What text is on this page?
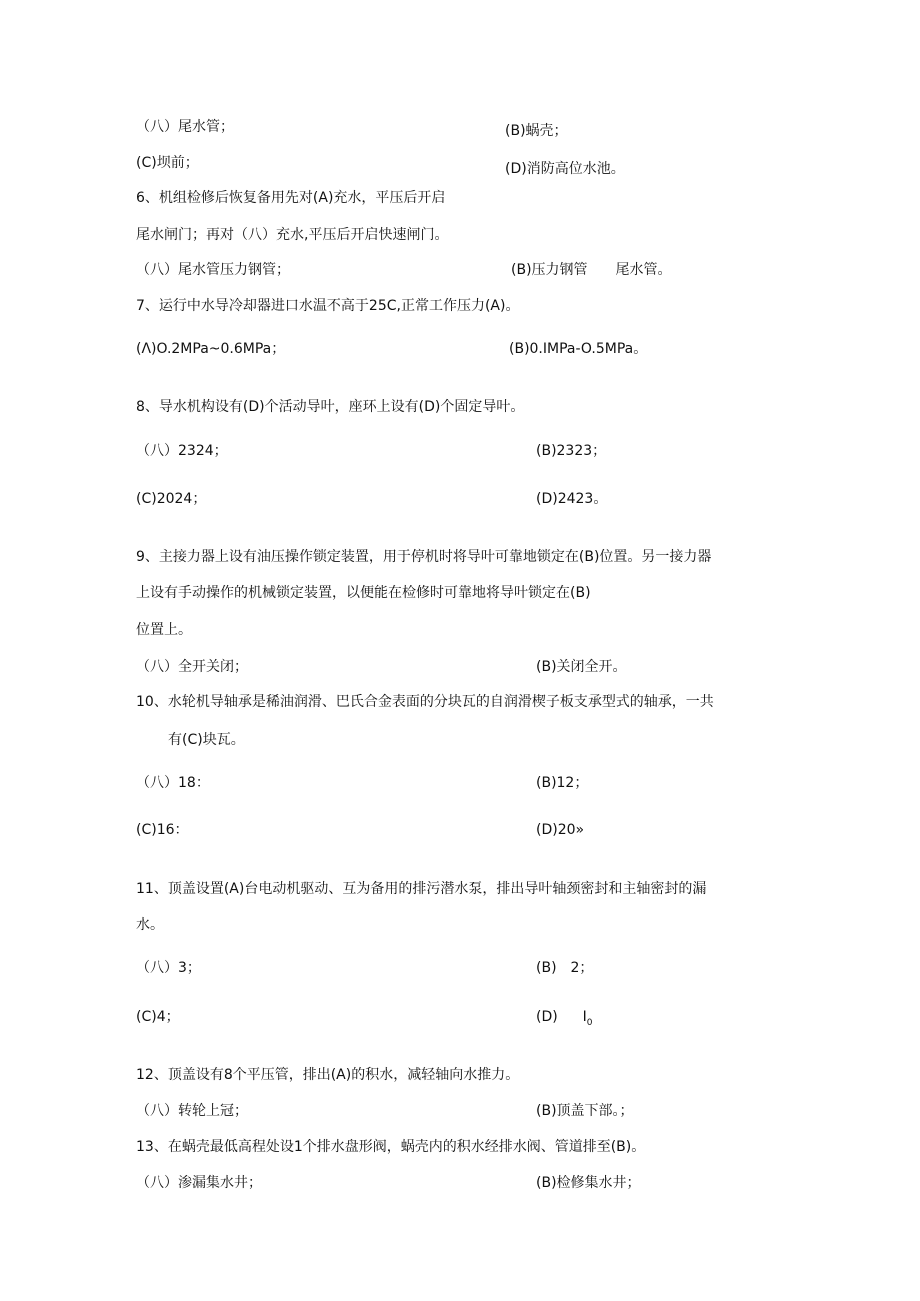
（八）尾水管；	(B)蜗壳；
(C)坝前；	(D)消防高位水池。
6、机组检修后恢复备用先对(A)充水，平压后开启
尾水闸门；再对（八）充水,平压后开启快速闸门。
（八）尾水管压力钢管；	(B)压力钢管　　尾水管。
7、运行中水导冷却器进口水温不高于25C,正常工作压力(A)。
(Λ)O.2MPa~0.6MPa；	(B)0.IMPa-O.5MPa。
8、导水机构设有(D)个活动导叶，座环上设有(D)个固定导叶。
（八）2324；	(B)2323；
(C)2024；	(D)2423。
9、主接力器上设有油压操作锁定装置，用于停机时将导叶可靠地锁定在(B)位置。另一接力器
上设有手动操作的机械锁定装置，以便能在检修时可靠地将导叶锁定在(B)
位置上。
（八）全开关闭；	(B)关闭全开。
10、水轮机导轴承是稀油润滑、巴氏合金表面的分块瓦的自润滑楔子板支承型式的轴承，一共
有(C)块瓦。
（八）18：	(B)12；
(C)16：	(D)20»
11、顶盖设置(A)台电动机驱动、互为备用的排污潜水泵，排出导叶轴颈密封和主轴密封的漏
水。
（八）3；	(B)　2；
(C)4；	(D) $I_0$
12、顶盖设有8个平压管，排出(A)的积水，减轻轴向水推力。
（八）转轮上冠；	(B)顶盖下部。；
13、在蜗壳最低高程处设1个排水盘形阀，蜗壳内的积水经排水阀、管道排至(B)。
（八）渗漏集水井；	(B)检修集水井；
